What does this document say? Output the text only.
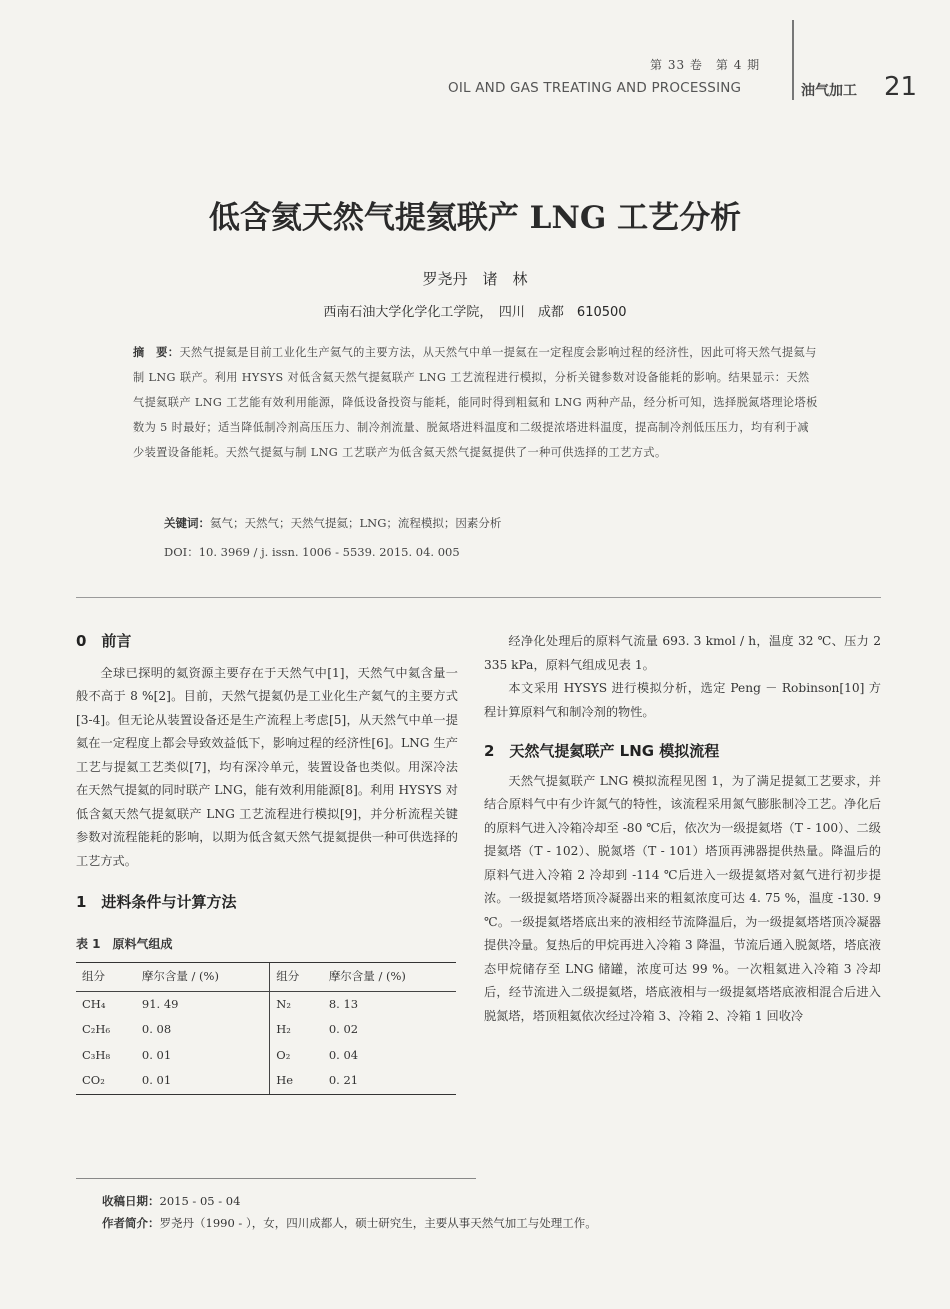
第 33 卷　第 4 期
OIL AND GAS TREATING AND PROCESSING	油气加工 21
低含氦天然气提氦联产 LNG 工艺分析
罗尧丹　诸　林
西南石油大学化学化工学院，　四川　成都　610500
摘　要：天然气提氦是目前工业化生产氦气的主要方法，从天然气中单一提氦在一定程度会影响过程的经济性，因此可将天然气提氦与制 LNG 联产。利用 HYSYS 对低含氦天然气提氦联产 LNG 工艺流程进行模拟，分析关键参数对设备能耗的影响。结果显示：天然气提氦联产 LNG 工艺能有效利用能源，降低设备投资与能耗，能同时得到粗氦和 LNG 两种产品，经分析可知，选择脱氮塔理论塔板数为 5 时最好；适当降低制冷剂高压压力、制冷剂流量、脱氮塔进料温度和二级提浓塔进料温度，提高制冷剂低压压力，均有利于减少装置设备能耗。天然气提氦与制 LNG 工艺联产为低含氦天然气提氦提供了一种可供选择的工艺方式。
关键词：氦气；天然气；天然气提氦；LNG；流程模拟；因素分析
DOI：10. 3969 / j. issn. 1006 - 5539. 2015. 04. 005
0　前言

全球已探明的氦资源主要存在于天然气中[1]，天然气中氦含量一般不高于 8 %[2]。目前，天然气提氦仍是工业化生产氦气的主要方式[3-4]。但无论从装置设备还是生产流程上考虑[5]，从天然气中单一提氦在一定程度上都会导致效益低下，影响过程的经济性[6]。LNG 生产工艺与提氦工艺类似[7]，均有深冷单元，装置设备也类似。用深冷法在天然气提氦的同时联产 LNG，能有效利用能源[8]。利用 HYSYS 对低含氦天然气提氦联产 LNG 工艺流程进行模拟[9]，并分析流程关键参数对流程能耗的影响，以期为低含氦天然气提氦提供一种可供选择的工艺方式。

1　进料条件与计算方法
表 1　原料气组成
组分	摩尔含量 / (%)	组分	摩尔含量 / (%)
CH₄	91. 49	N₂	8. 13
C₂H₆	0. 08	H₂	0. 02
C₃H₈	0. 01	O₂	0. 04
CO₂	0. 01	He	0. 21

经净化处理后的原料气流量 693. 3 kmol / h，温度 32 ℃、压力 2 335 kPa，原料气组成见表 1。

本文采用 HYSYS 进行模拟分析，选定 Peng － Robinson[10] 方程计算原料气和制冷剂的物性。

2　天然气提氦联产 LNG 模拟流程

天然气提氦联产 LNG 模拟流程见图 1，为了满足提氦工艺要求，并结合原料气中有少许氮气的特性，该流程采用氮气膨胀制冷工艺。净化后的原料气进入冷箱冷却至 -80 ℃后，依次为一级提氦塔（T - 100）、二级提氦塔（T - 102）、脱氮塔（T - 101）塔顶再沸器提供热量。降温后的原料气进入冷箱 2 冷却到 -114 ℃后进入一级提氦塔对氦气进行初步提浓。一级提氦塔塔顶冷凝器出来的粗氦浓度可达 4. 75 %，温度 -130. 9 ℃。一级提氦塔塔底出来的液相经节流降温后，为一级提氦塔塔顶冷凝器提供冷量。复热后的甲烷再进入冷箱 3 降温，节流后通入脱氮塔，塔底液态甲烷储存至 LNG 储罐，浓度可达 99 %。一次粗氦进入冷箱 3 冷却后，经节流进入二级提氦塔，塔底液相与一级提氦塔塔底液相混合后进入脱氮塔，塔顶粗氦依次经过冷箱 3、冷箱 2、冷箱 1 回收冷

收稿日期：2015 - 05 - 04
作者简介：罗尧丹（1990 - ），女，四川成都人，硕士研究生，主要从事天然气加工与处理工作。
